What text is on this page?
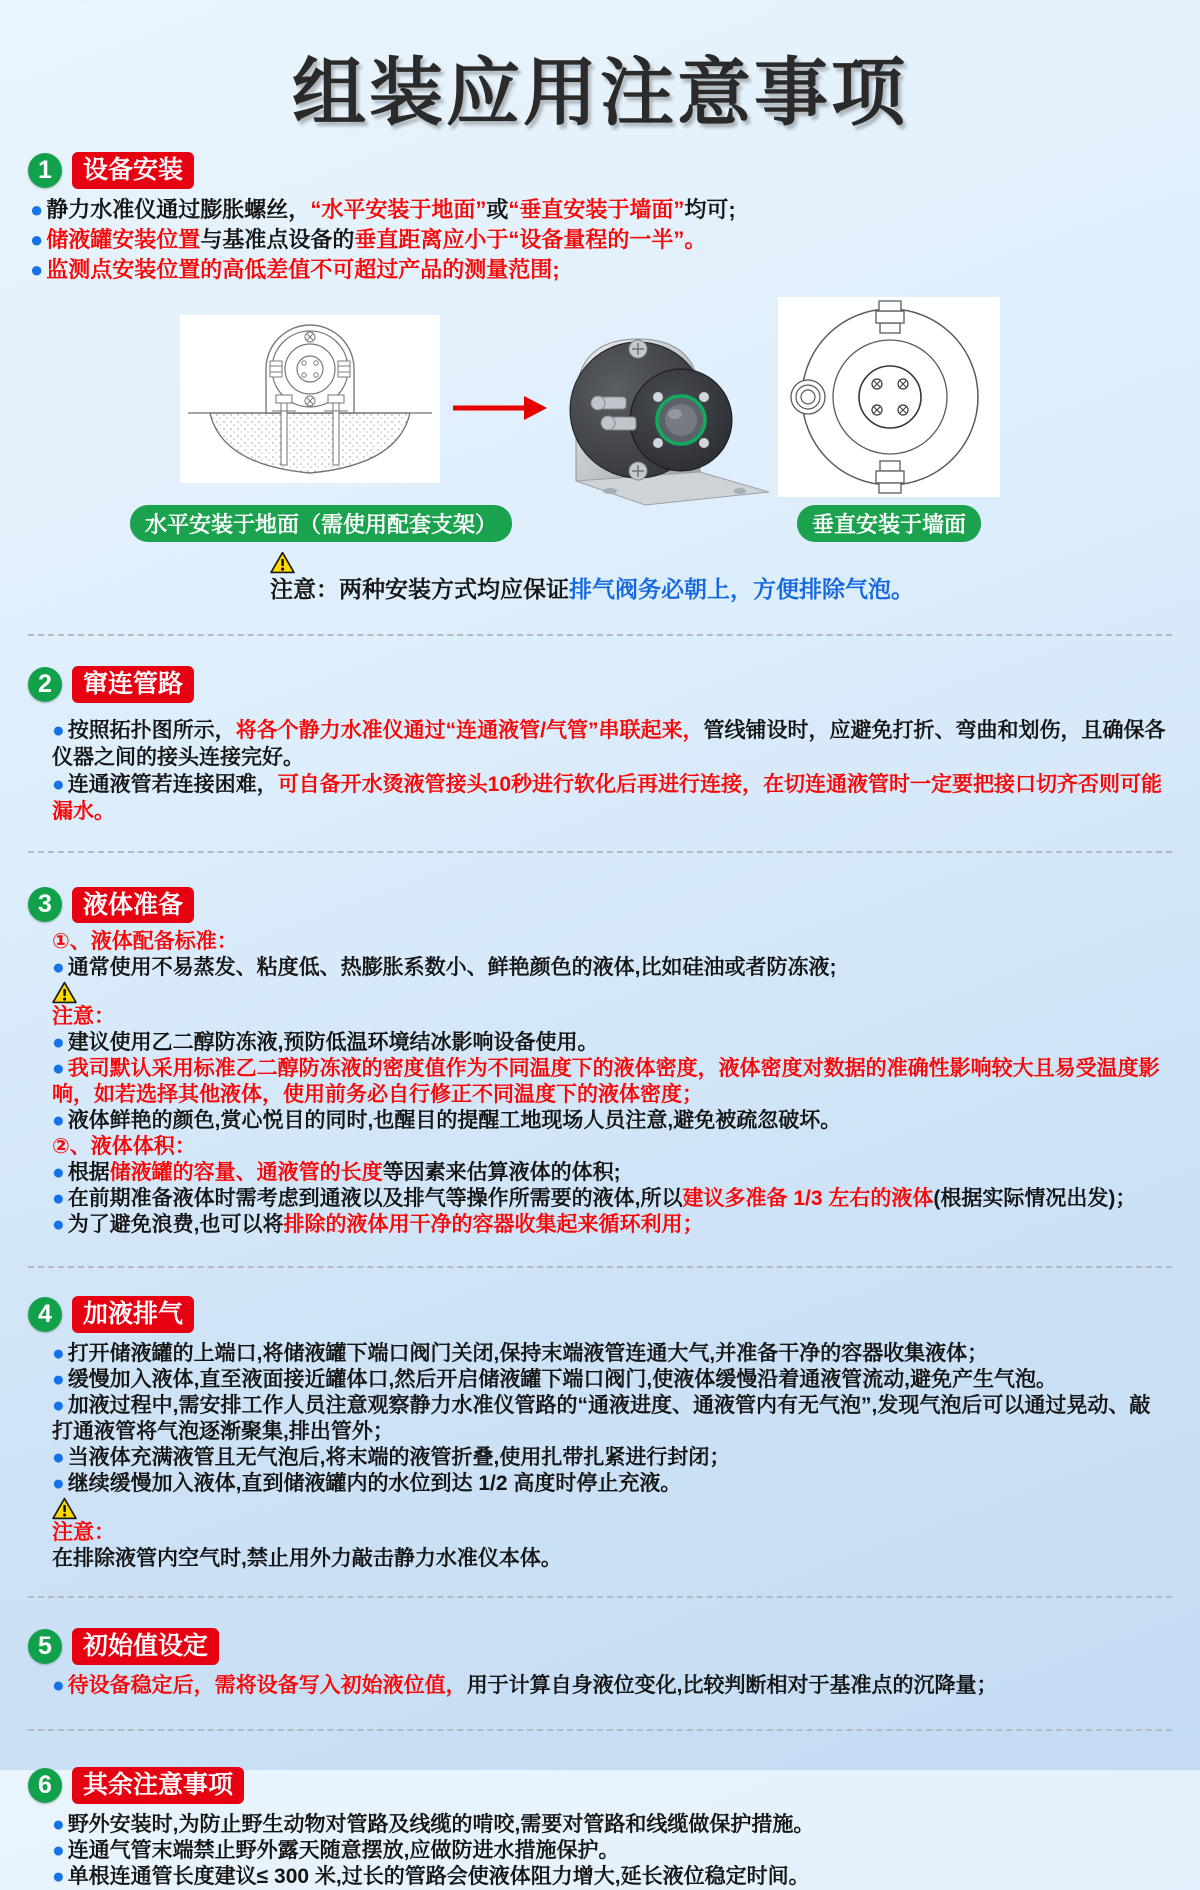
组装应用注意事项
1	设备安装
● 静力水准仪通过膨胀螺丝，“水平安装于地面”或“垂直安装于墙面”均可;
● 储液罐安装位置与基准点设备的垂直距离应小于“设备量程的一半”。
● 监测点安装位置的高低差值不可超过产品的测量范围;
水平安装于地面（需使用配套支架）	垂直安装于墙面
注意：两种安装方式均应保证排气阀务必朝上，方便排除气泡。
2	窜连管路
● 按照拓扑图所示，将各个静力水准仪通过“连通液管/气管”串联起来，管线铺设时，应避免打折、弯曲和划伤，且确保各仪器之间的接头连接完好。
● 连通液管若连接困难，可自备开水烫液管接头10秒进行软化后再进行连接，在切连通液管时一定要把接口切齐否则可能漏水。
3	液体准备
①、液体配备标准：
● 通常使用不易蒸发、粘度低、热膨胀系数小、鲜艳颜色的液体,比如硅油或者防冻液;
注意：
● 建议使用乙二醇防冻液,预防低温环境结冰影响设备使用。
● 我司默认采用标准乙二醇防冻液的密度值作为不同温度下的液体密度，液体密度对数据的准确性影响较大且易受温度影响，如若选择其他液体，使用前务必自行修正不同温度下的液体密度；
● 液体鲜艳的颜色,赏心悦目的同时,也醒目的提醒工地现场人员注意,避免被疏忽破坏。
②、液体体积：
● 根据储液罐的容量、通液管的长度等因素来估算液体的体积;
● 在前期准备液体时需考虑到通液以及排气等操作所需要的液体,所以建议多准备 1/3 左右的液体(根据实际情况出发)；
● 为了避免浪费,也可以将排除的液体用干净的容器收集起来循环利用；
4	加液排气
● 打开储液罐的上端口,将储液罐下端口阀门关闭,保持末端液管连通大气,并准备干净的容器收集液体；
● 缓慢加入液体,直至液面接近罐体口,然后开启储液罐下端口阀门,使液体缓慢沿着通液管流动,避免产生气泡。
● 加液过程中,需安排工作人员注意观察静力水准仪管路的“通液进度、通液管内有无气泡”,发现气泡后可以通过晃动、敲打通液管将气泡逐渐聚集,排出管外；
● 当液体充满液管且无气泡后,将末端的液管折叠,使用扎带扎紧进行封闭；
● 继续缓慢加入液体,直到储液罐内的水位到达 1/2 高度时停止充液。
注意：
在排除液管内空气时,禁止用外力敲击静力水准仪本体。
5	初始值设定
● 待设备稳定后，需将设备写入初始液位值，用于计算自身液位变化,比较判断相对于基准点的沉降量；
6	其余注意事项
● 野外安装时,为防止野生动物对管路及线缆的啃咬,需要对管路和线缆做保护措施。
● 连通气管末端禁止野外露天随意摆放,应做防进水措施保护。
● 单根连通管长度建议≤ 300 米,过长的管路会使液体阻力增大,延长液位稳定时间。
